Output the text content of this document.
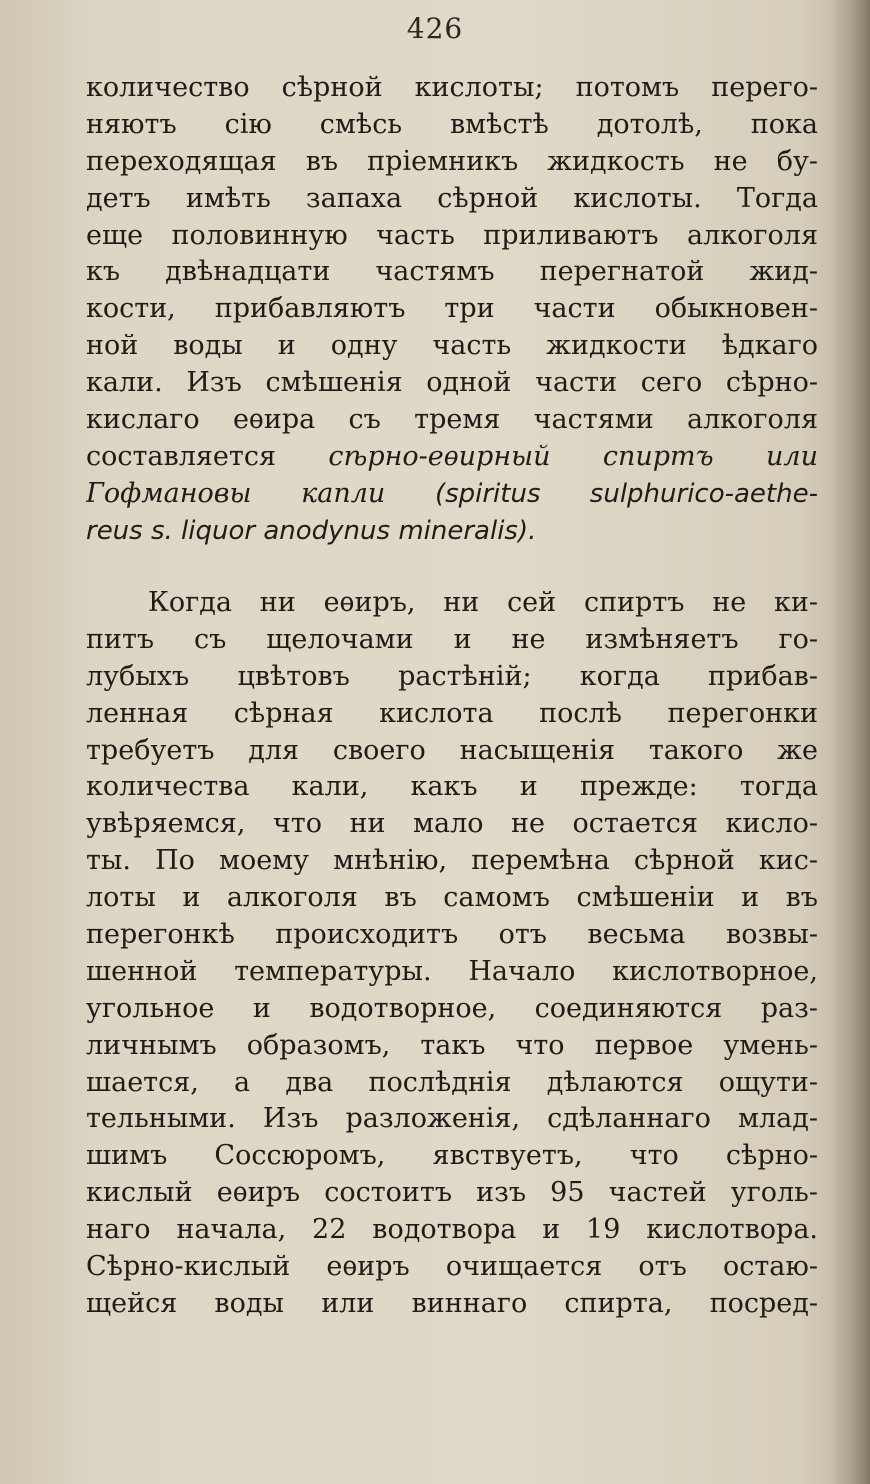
426
количество сѣрной кислоты; потомъ перего-
няютъ сію смѣсь вмѣстѣ дотолѣ, пока
переходящая въ пріемникъ жидкость не бу-
детъ имѣть запаха сѣрной кислоты. Тогда
еще половинную часть приливаютъ алкоголя
къ двѣнадцати частямъ перегнатой жид-
кости, прибавляютъ три части обыкновен-
ной воды и одну часть жидкости ѣдкаго
кали. Изъ смѣшенія одной части сего сѣрно-
кислаго eѳира съ тремя частями алкоголя
составляется сѣрно-еѳирный спиртъ или
Гофмановы капли (spiritus sulphurico-aethe-
reus s. liquor anodynus mineralis).
Когда ни eѳиръ, ни сей спиртъ не ки-
питъ съ щелочами и не измѣняетъ го-
лубыхъ цвѣтовъ растѣній; когда прибав-
ленная сѣрная кислота послѣ перегонки
требуетъ для своего насыщенія такого же
количества кали, какъ и прежде: тогда
увѣряемся, что ни мало не остается кисло-
ты. По моему мнѣнію, перемѣна сѣрной кис-
лоты и алкоголя въ самомъ смѣшеніи и въ
перегонкѣ происходитъ отъ весьма возвы-
шенной температуры. Начало кислотворное,
угольное и водотворное, соединяются раз-
личнымъ образомъ, такъ что первое умень-
шается, а два послѣднія дѣлаются ощути-
тельными. Изъ разложенія, сдѣланнаго млад-
шимъ Соссюромъ, явствуетъ, что сѣрно-
кислый eѳиръ состоитъ изъ 95 частей уголь-
наго начала, 22 водотвора и 19 кислотвора.
Сѣрно-кислый eѳиръ очищается отъ остаю-
щейся воды или виннаго спирта, посред-
